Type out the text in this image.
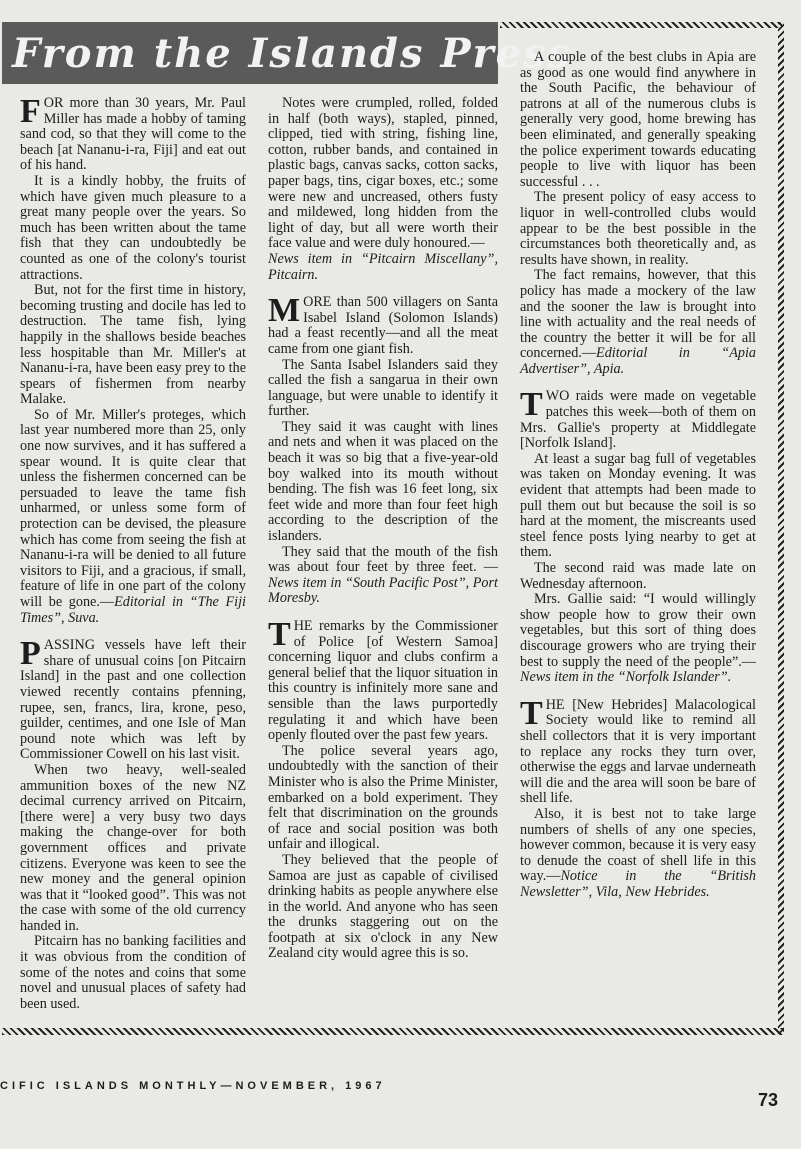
From the Islands Press
F OR more than 30 years, Mr. Paul Miller has made a hobby of taming sand cod, so that they will come to the beach [at Nananu-i-ra, Fiji] and eat out of his hand.

It is a kindly hobby, the fruits of which have given much pleasure to a great many people over the years. So much has been written about the tame fish that they can undoubtedly be counted as one of the colony's tourist attractions.

But, not for the first time in history, becoming trusting and docile has led to destruction. The tame fish, lying happily in the shallows beside beaches less hospitable than Mr. Miller's at Nananu-i-ra, have been easy prey to the spears of fishermen from nearby Malake.

So of Mr. Miller's proteges, which last year numbered more than 25, only one now survives, and it has suffered a spear wound. It is quite clear that unless the fishermen concerned can be persuaded to leave the tame fish unharmed, or unless some form of protection can be devised, the pleasure which has come from seeing the fish at Nananu-i-ra will be denied to all future visitors to Fiji, and a gracious, if small, feature of life in one part of the colony will be gone.—Editorial in “The Fiji Times”, Suva.

P ASSING vessels have left their share of unusual coins [on Pitcairn Island] in the past and one collection viewed recently contains pfenning, rupee, sen, francs, lira, krone, peso, guilder, centimes, and one Isle of Man pound note which was left by Commissioner Cowell on his last visit.

When two heavy, well-sealed ammunition boxes of the new NZ decimal currency arrived on Pitcairn, [there were] a very busy two days making the change-over for both government offices and private citizens. Everyone was keen to see the new money and the general opinion was that it “looked good”. This was not the case with some of the old currency handed in.

Pitcairn has no banking facilities and it was obvious from the condition of some of the notes and coins that some novel and unusual places of safety had been used.

Notes were crumpled, rolled, folded in half (both ways), stapled, pinned, clipped, tied with string, fishing line, cotton, rubber bands, and contained in plastic bags, canvas sacks, cotton sacks, paper bags, tins, cigar boxes, etc.; some were new and uncreased, others fusty and mildewed, long hidden from the light of day, but all were worth their face value and were duly honoured.—

News item in “Pitcairn Miscellany”, Pitcairn.

M ORE than 500 villagers on Santa Isabel Island (Solomon Islands) had a feast recently—and all the meat came from one giant fish.

The Santa Isabel Islanders said they called the fish a sangarua in their own language, but were unable to identify it further.

They said it was caught with lines and nets and when it was placed on the beach it was so big that a five-year-old boy walked into its mouth without bending. The fish was 16 feet long, six feet wide and more than four feet high according to the description of the islanders.

They said that the mouth of the fish was about four feet by three feet. — News item in “South Pacific Post”, Port Moresby.

T HE remarks by the Commissioner of Police [of Western Samoa] concerning liquor and clubs confirm a general belief that the liquor situation in this country is infinitely more sane and sensible than the laws purportedly regulating it and which have been openly flouted over the past few years.

The police several years ago, undoubtedly with the sanction of their Minister who is also the Prime Minister, embarked on a bold experiment. They felt that discrimination on the grounds of race and social position was both unfair and illogical.

They believed that the people of Samoa are just as capable of civilised drinking habits as people anywhere else in the world. And anyone who has seen the drunks staggering out on the footpath at six o'clock in any New Zealand city would agree this is so.

A couple of the best clubs in Apia are as good as one would find anywhere in the South Pacific, the behaviour of patrons at all of the numerous clubs is generally very good, home brewing has been eliminated, and generally speaking the police experiment towards educating people to live with liquor has been successful . . .

The present policy of easy access to liquor in well-controlled clubs would appear to be the best possible in the circumstances both theoretically and, as results have shown, in reality.

The fact remains, however, that this policy has made a mockery of the law and the sooner the law is brought into line with actuality and the real needs of the country the better it will be for all concerned.—Editorial in “Apia Advertiser”, Apia.

T WO raids were made on vegetable patches this week—both of them on Mrs. Gallie's property at Middlegate [Norfolk Island].

At least a sugar bag full of vegetables was taken on Monday evening. It was evident that attempts had been made to pull them out but because the soil is so hard at the moment, the miscreants used steel fence posts lying nearby to get at them.

The second raid was made late on Wednesday afternoon.

Mrs. Gallie said: “I would willingly show people how to grow their own vegetables, but this sort of thing does discourage growers who are trying their best to supply the need of the people”.—News item in the “Norfolk Islander”.

T HE [New Hebrides] Malacological Society would like to remind all shell collectors that it is very important to replace any rocks they turn over, otherwise the eggs and larvae underneath will die and the area will soon be bare of shell life.

Also, it is best not to take large numbers of shells of any one species, however common, because it is very easy to denude the coast of shell life in this way.—Notice in the “British Newsletter”, Vila, New Hebrides.

CIFIC ISLANDS MONTHLY—NOVEMBER, 1967
73
